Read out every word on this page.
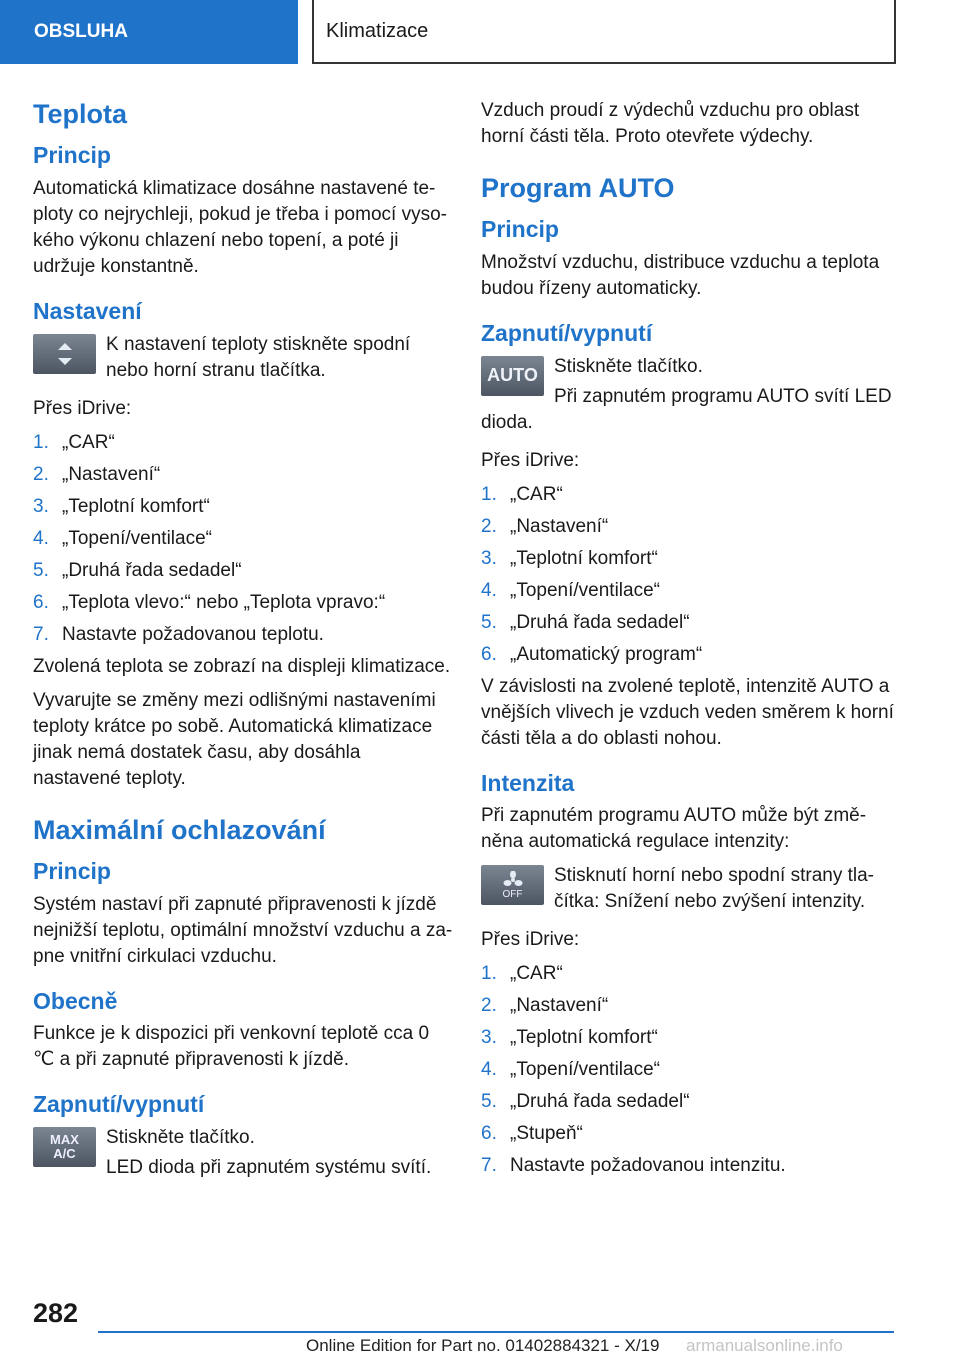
OBSLUHA	Klimatizace
Teplota
Princip

Automatická klimatizace dosáhne nastavené te‐ploty co nejrychleji, pokud je třeba i pomocí vyso‐kého výkonu chlazení nebo topení, a poté ji udržuje konstantně.

Nastavení

K nastavení teploty stiskněte spodní nebo horní stranu tlačítka.

Přes iDrive:

1. „CAR“
2. „Nastavení“
3. „Teplotní komfort“
4. „Topení/ventilace“
5. „Druhá řada sedadel“
6. „Teplota vlevo:“ nebo „Teplota vpravo:“
7. Nastavte požadovanou teplotu.

Zvolená teplota se zobrazí na displeji klimatizace.

Vyvarujte se změny mezi odlišnými nastaveními teploty krátce po sobě. Automatická klimatizace jinak nemá dostatek času, aby dosáhla nastavené teploty.

Maximální ochlazování
Princip

Systém nastaví při zapnuté připravenosti k jízdě nejnižší teplotu, optimální množství vzduchu a za‐pne vnitřní cirkulaci vzduchu.

Obecně

Funkce je k dispozici při venkovní teplotě cca 0 ℃ a při zapnuté připravenosti k jízdě.

Zapnutí/vypnutí
MAX
A/C

Stiskněte tlačítko.

LED dioda při zapnutém systému svítí.

Vzduch proudí z výdechů vzduchu pro oblast horní části těla. Proto otevřete výdechy.

Program AUTO
Princip

Množství vzduchu, distribuce vzduchu a teplota budou řízeny automaticky.

Zapnutí/vypnutí
AUTO Stiskněte tlačítko.

Při zapnutém programu AUTO svítí LED dioda.

Přes iDrive:

1. „CAR“
2. „Nastavení“
3. „Teplotní komfort“
4. „Topení/ventilace“
5. „Druhá řada sedadel“
6. „Automatický program“

V závislosti na zvolené teplotě, intenzitě AUTO a vnějších vlivech je vzduch veden směrem k horní části těla a do oblasti nohou.

Intenzita

Při zapnutém programu AUTO může být změ‐něna automatická regulace intenzity:

OFF

Stisknutí horní nebo spodní strany tla‐čítka: Snížení nebo zvýšení intenzity.

Přes iDrive:

1. „CAR“
2. „Nastavení“
3. „Teplotní komfort“
4. „Topení/ventilace“
5. „Druhá řada sedadel“
6. „Stupeň“
7. Nastavte požadovanou intenzitu.
282
Online Edition for Part no. 01402884321 - X/19 armanualsonline.info
